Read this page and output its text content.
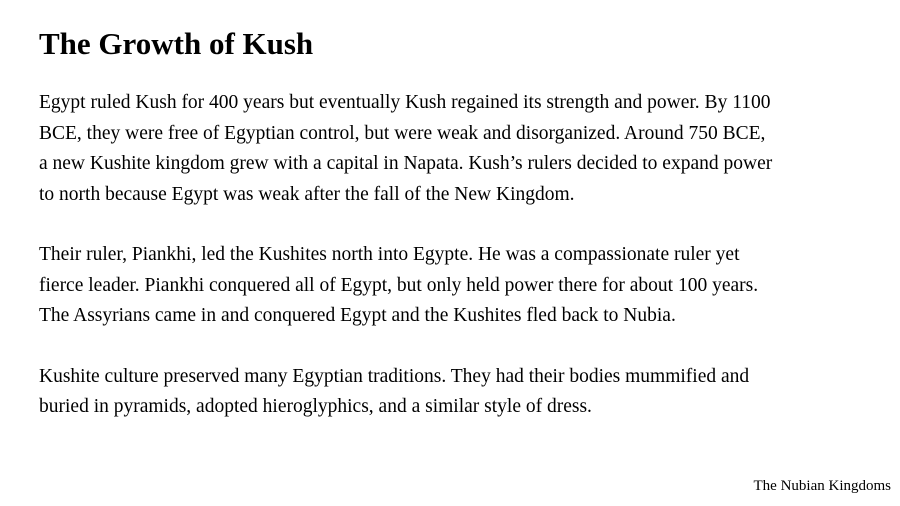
The Growth of Kush

Egypt ruled Kush for 400 years but eventually Kush regained its strength and power. By 1100
BCE, they were free of Egyptian control, but were weak and disorganized. Around 750 BCE,
a new Kushite kingdom grew with a capital in Napata. Kush’s rulers decided to expand power
to north because Egypt was weak after the fall of the New Kingdom.

Their ruler, Piankhi, led the Kushites north into Egypte. He was a compassionate ruler yet
fierce leader. Piankhi conquered all of Egypt, but only held power there for about 100 years.
The Assyrians came in and conquered Egypt and the Kushites fled back to Nubia.

Kushite culture preserved many Egyptian traditions. They had their bodies mummified and
buried in pyramids, adopted hieroglyphics, and a similar style of dress.

The Nubian Kingdoms
